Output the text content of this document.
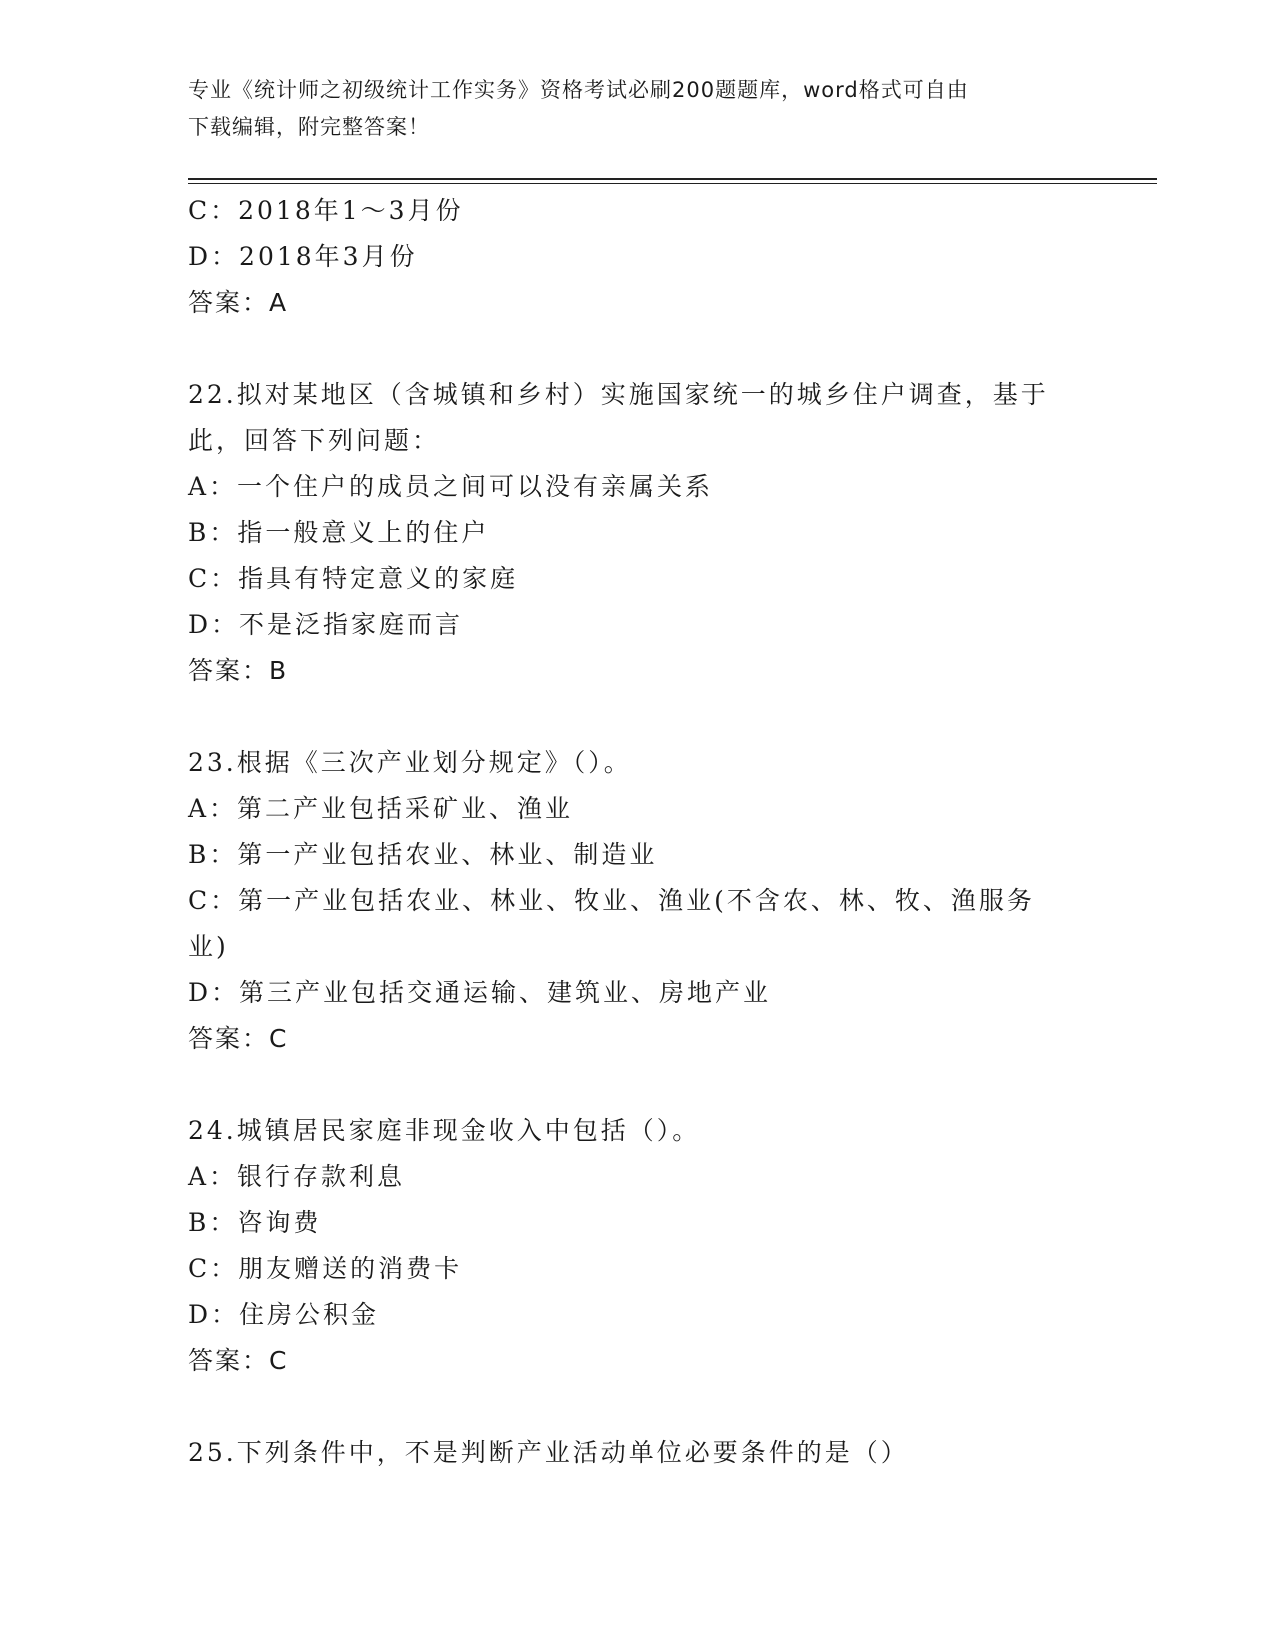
专业《统计师之初级统计工作实务》资格考试必刷200题题库，word格式可自由
下载编辑，附完整答案！
C：2018年1～3月份
D：2018年3月份
答案：A
22.拟对某地区（含城镇和乡村）实施国家统一的城乡住户调查，基于
此，回答下列问题：
A：一个住户的成员之间可以没有亲属关系
B：指一般意义上的住户
C：指具有特定意义的家庭
D：不是泛指家庭而言
答案：B
23.根据《三次产业划分规定》（）。
A：第二产业包括采矿业、渔业
B：第一产业包括农业、林业、制造业
C：第一产业包括农业、林业、牧业、渔业(不含农、林、牧、渔服务
业)
D：第三产业包括交通运输、建筑业、房地产业
答案：C
24.城镇居民家庭非现金收入中包括（）。
A：银行存款利息
B：咨询费
C：朋友赠送的消费卡
D：住房公积金
答案：C
25.下列条件中，不是判断产业活动单位必要条件的是（）
